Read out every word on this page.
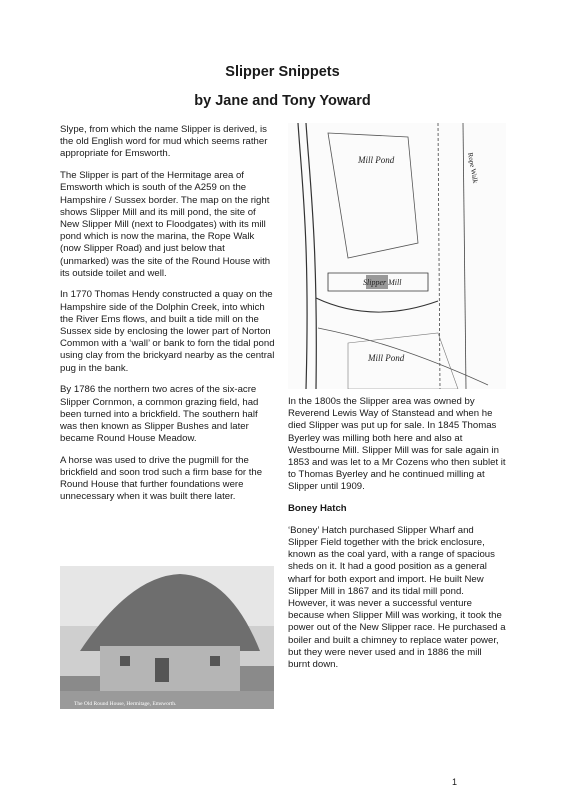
Slipper Snippets
by Jane and Tony Yoward

Slype, from which the name Slipper is derived, is the old English word for mud which seems rather appropriate for Emsworth.

The Slipper is part of the Hermitage area of Emsworth which is south of the A259 on the Hampshire / Sussex border. The map on the right shows Slipper Mill and its mill pond, the site of New Slipper Mill (next to Floodgates) with its mill pond which is now the marina, the Rope Walk (now Slipper Road) and just below that (unmarked) was the site of the Round House with its outside toilet and well.

In 1770 Thomas Hendy constructed a quay on the Hampshire side of the Dolphin Creek, into which the River Ems flows, and built a tide mill on the Sussex side by enclosing the lower part of Norton Common with a ‘wall’ or bank to forn the tidal pond using clay from the brickyard nearby as the central pug in the bank.

By 1786 the northern two acres of the six-acre Slipper Cornmon, a cornmon grazing field, had been turned into a brickfield. The southern half was then known as Slipper Bushes and later became Round House Meadow.

A horse was used to drive the pugmill for the brickfield and soon trod such a firm base for the Round House that further foundations were unnecessary when it was built there later.

Mill Pond
Slipper Mill
Mill Pond
Rope Walk

In the 1800s the Slipper area was owned by Reverend Lewis Way of Stanstead and when he died Slipper was put up for sale. In 1845 Thomas Byerley was milling both here and also at Westbourne Mill. Slipper Mill was for sale again in 1853 and was let to a Mr Cozens who then sublet it to Thomas Byerley and he continued milling at Slipper until 1909.

Boney Hatch

‘Boney’ Hatch purchased Slipper Wharf and Slipper Field together with the brick enclosure, known as the coal yard, with a range of spacious sheds on it. It had a good position as a general wharf for both export and import. He built New Slipper Mill in 1867 and its tidal mill pond. However, it was never a successful venture because when Slipper Mill was working, it took the power out of the New Slipper race. He purchased a boiler and built a chimney to replace water power, but they were never used and in 1886 the mill burnt down.

The Old Round House, Hermitage, Emsworth.
1
